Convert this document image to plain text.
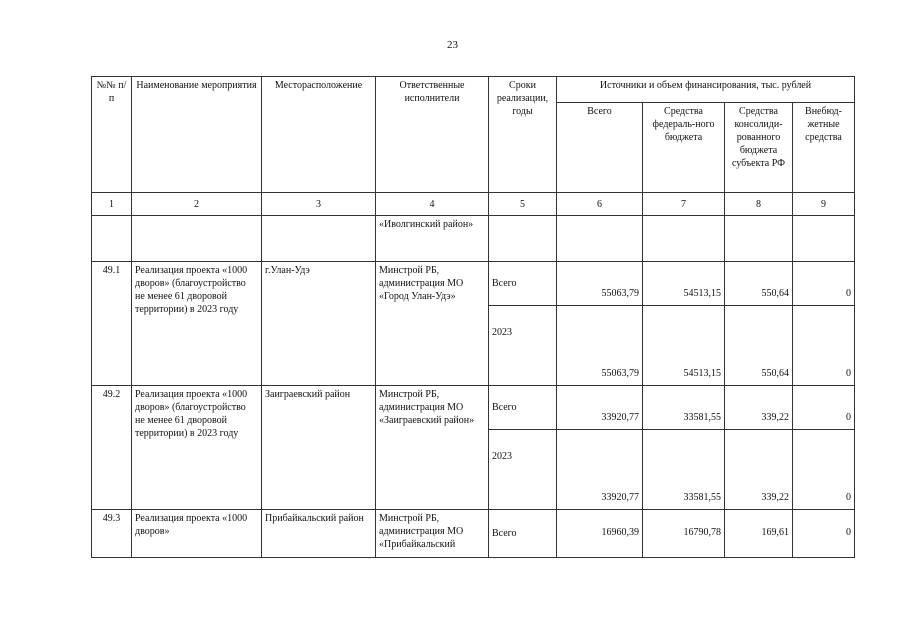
23
№№ п/п	Наименование мероприятия	Месторасположение	Ответственные исполнители	Сроки реализации, годы	Источники и объем финансирования, тыс. рублей			
					Всего	Средства федераль-ного бюджета	Средства консолиди-рованного бюджета субъекта РФ	Внебюд-жетные средства
1	2	3	4	5	6	7	8	9
			«Иволгинский район»					
49.1	Реализация проекта «1000 дворов» (благоустройство не менее 61 дворовой территории) в 2023 году	г.Улан-Удэ	Минстрой РБ, администрация МО «Город Улан-Удэ»	Всего	55063,79	54513,15	550,64	0
				2023	55063,79	54513,15	550,64	0
49.2	Реализация проекта «1000 дворов» (благоустройство не менее 61 дворовой территории) в 2023 году	Заиграевский район	Минстрой РБ, администрация МО «Заиграевский район»	Всего	33920,77	33581,55	339,22	0
				2023	33920,77	33581,55	339,22	0
49.3	Реализация проекта «1000 дворов»	Прибайкальский район	Минстрой РБ, администрация МО «Прибайкальский	Всего	16960,39	16790,78	169,61	0
